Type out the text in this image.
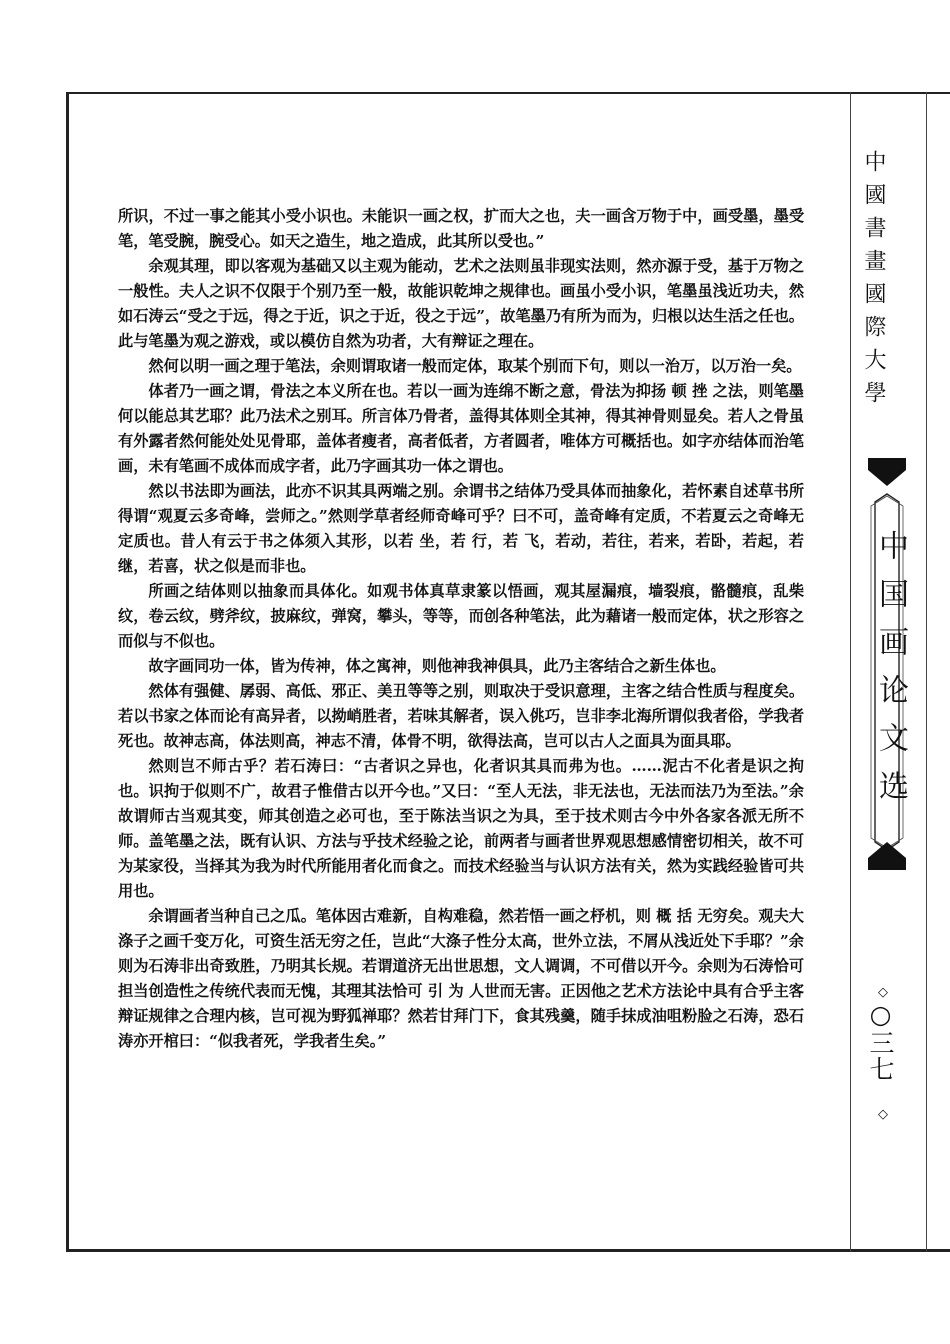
所识，不过一事之能其小受小识也。未能识一画之权，扩而大之也，夫一画含万物于中，画受墨，墨受笔，笔受腕，腕受心。如天之造生，地之造成，此其所以受也。”

余观其理，即以客观为基础又以主观为能动，艺术之法则虽非现实法则，然亦源于受，基于万物之一般性。夫人之识不仅限于个别乃至一般，故能识乾坤之规律也。画虽小受小识，笔墨虽浅近功夫，然如石涛云“受之于远，得之于近，识之于近，役之于远”，故笔墨乃有所为而为，归根以达生活之任也。此与笔墨为观之游戏，或以模仿自然为功者，大有辩证之理在。

然何以明一画之理于笔法，余则谓取诸一般而定体，取某个别而下句，则以一治万，以万治一矣。

体者乃一画之谓，骨法之本义所在也。若以一画为连绵不断之意，骨法为抑扬 顿 挫 之法，则笔墨何以能总其艺耶？此乃法术之别耳。所言体乃骨者，盖得其体则全其神，得其神骨则显矣。若人之骨虽有外露者然何能处处见骨耶，盖体者瘦者，高者低者，方者圆者，唯体方可概括也。如字亦结体而治笔画，未有笔画不成体而成字者，此乃字画其功一体之谓也。

然以书法即为画法，此亦不识其具两端之别。余谓书之结体乃受具体而抽象化，若怀素自述草书所得谓“观夏云多奇峰，尝师之。”然则学草者经师奇峰可乎？曰不可，盖奇峰有定质，不若夏云之奇峰无定质也。昔人有云于书之体须入其形，以若 坐，若 行，若 飞，若动，若往，若来，若卧，若起，若继，若喜，状之似是而非也。

所画之结体则以抽象而具体化。如观书体真草隶篆以悟画，观其屋漏痕，墙裂痕，骼髓痕，乱柴纹，卷云纹，劈斧纹，披麻纹，弹窝，攀头，等等，而创各种笔法，此为藉诸一般而定体，状之形容之而似与不似也。

故字画同功一体，皆为传神，体之寓神，则他神我神俱具，此乃主客结合之新生体也。

然体有强健、孱弱、高低、邪正、美丑等等之别，则取决于受识意理，主客之结合性质与程度矣。若以书家之体而论有高异者，以拗峭胜者，若味其解者，误入佻巧，岂非李北海所谓似我者俗，学我者死也。故神志高，体法则高，神志不清，体骨不明，欲得法高，岂可以古人之面具为面具耶。

然则岂不师古乎？若石涛曰：“古者识之异也，化者识其具而弗为也。……泥古不化者是识之拘也。识拘于似则不广，故君子惟借古以开今也。”又曰：“至人无法，非无法也，无法而法乃为至法。”余故谓师古当观其变，师其创造之必可也，至于陈法当识之为具，至于技术则古今中外各家各派无所不师。盖笔墨之法，既有认识、方法与乎技术经验之论，前两者与画者世界观思想感情密切相关，故不可为某家役，当择其为我为时代所能用者化而食之。而技术经验当与认识方法有关，然为实践经验皆可共用也。

余谓画者当种自己之瓜。笔体因古难新，自构难稳，然若悟一画之杼机，则 概 括 无穷矣。观夫大涤子之画千变万化，可资生活无穷之任，岂此“大涤子性分太高，世外立法，不屑从浅近处下手耶？”余则为石涛非出奇致胜，乃明其长规。若谓道济无出世思想，文人调调，不可借以开今。余则为石涛恰可担当创造性之传统代表而无愧，其理其法恰可 引 为 人世而无害。正因他之艺术方法论中具有合乎主客辩证规律之合理内核，岂可视为野狐禅耶？然若甘拜门下，食其残羹，随手抹成油咀粉脸之石涛，恐石涛亦开棺曰：“似我者死，学我者生矣。”

中國書畫國際大學
中国画论文选
◇
○三七
◇
